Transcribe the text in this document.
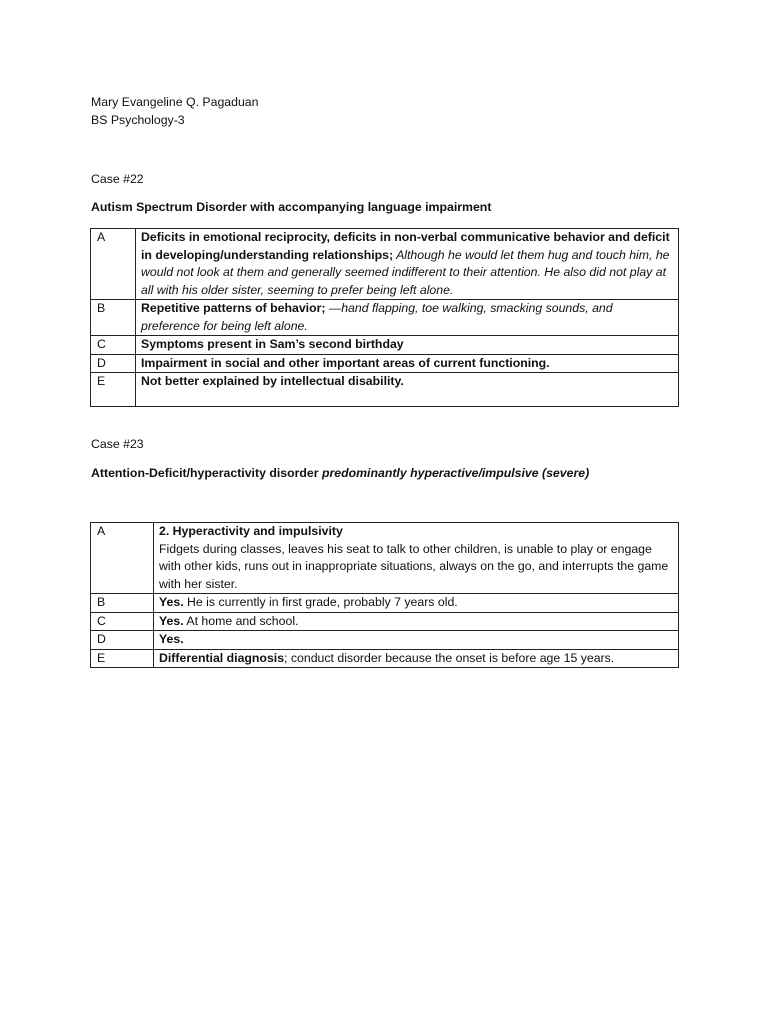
Mary Evangeline Q. Pagaduan
BS Psychology-3
Case #22
Autism Spectrum Disorder with accompanying language impairment
A	Deficits in emotional reciprocity, deficits in non-verbal communicative behavior and deficit in developing/understanding relationships; Although he would let them hug and touch him, he would not look at them and generally seemed indifferent to their attention. He also did not play at all with his older sister, seeming to prefer being left alone.
B	Repetitive patterns of behavior; —hand flapping, toe walking, smacking sounds, and preference for being left alone.
C	Symptoms present in Sam’s second birthday
D	Impairment in social and other important areas of current functioning.
E	Not better explained by intellectual disability.
Case #23
Attention-Deficit/hyperactivity disorder predominantly hyperactive/impulsive (severe)
A	2. Hyperactivity and impulsivity
Fidgets during classes, leaves his seat to talk to other children, is unable to play or engage with other kids, runs out in inappropriate situations, always on the go, and interrupts the game with her sister.

B	Yes. He is currently in first grade, probably 7 years old.
C	Yes. At home and school.
D	Yes.
E	Differential diagnosis; conduct disorder because the onset is before age 15 years.
